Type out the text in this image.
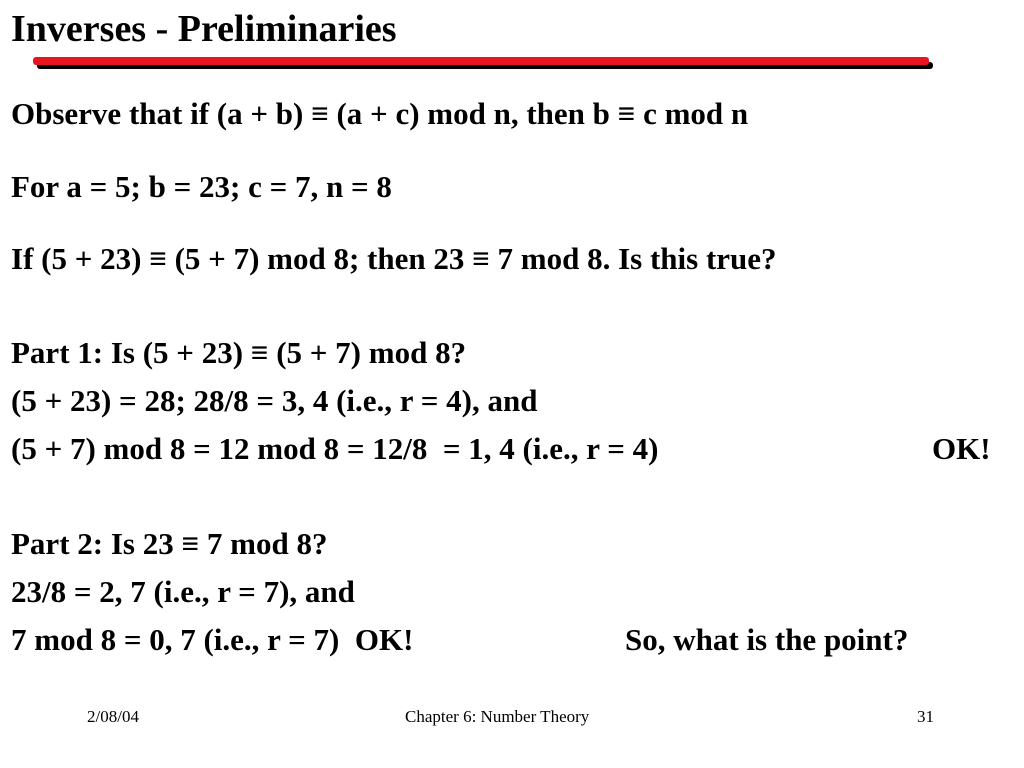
Inverses - Preliminaries
Observe that if (a + b) ≡ (a + c) mod n, then b ≡ c mod n
For a = 5; b = 23; c = 7, n = 8
If (5 + 23) ≡ (5 + 7) mod 8; then 23 ≡ 7 mod 8. Is this true?
Part 1: Is (5 + 23) ≡ (5 + 7) mod 8?
(5 + 23) = 28; 28/8 = 3, 4 (i.e., r = 4), and
(5 + 7) mod 8 = 12 mod 8 = 12/8  = 1, 4 (i.e., r = 4)	OK!
Part 2: Is 23 ≡ 7 mod 8?
23/8 = 2, 7 (i.e., r = 7), and
7 mod 8 = 0, 7 (i.e., r = 7)  OK!	So, what is the point?
2/08/04	Chapter 6: Number Theory	31
